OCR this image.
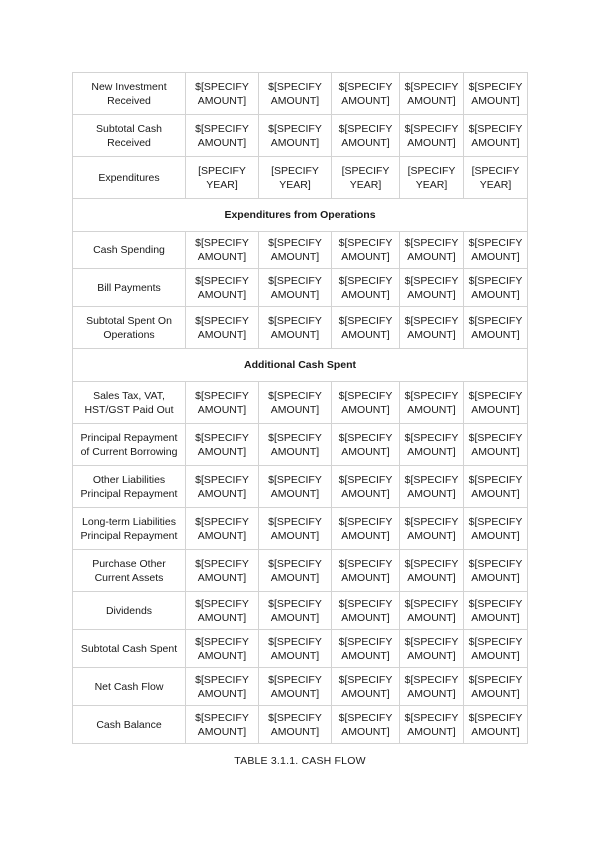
New Investment Received	$[SPECIFY AMOUNT]	$[SPECIFY AMOUNT]	$[SPECIFY AMOUNT]	$[SPECIFY AMOUNT]	$[SPECIFY AMOUNT]
Subtotal Cash Received	$[SPECIFY AMOUNT]	$[SPECIFY AMOUNT]	$[SPECIFY AMOUNT]	$[SPECIFY AMOUNT]	$[SPECIFY AMOUNT]
Expenditures	[SPECIFY YEAR]	[SPECIFY YEAR]	[SPECIFY YEAR]	[SPECIFY YEAR]	[SPECIFY YEAR]
Expenditures from Operations					
Cash Spending	$[SPECIFY AMOUNT]	$[SPECIFY AMOUNT]	$[SPECIFY AMOUNT]	$[SPECIFY AMOUNT]	$[SPECIFY AMOUNT]
Bill Payments	$[SPECIFY AMOUNT]	$[SPECIFY AMOUNT]	$[SPECIFY AMOUNT]	$[SPECIFY AMOUNT]	$[SPECIFY AMOUNT]
Subtotal Spent On Operations	$[SPECIFY AMOUNT]	$[SPECIFY AMOUNT]	$[SPECIFY AMOUNT]	$[SPECIFY AMOUNT]	$[SPECIFY AMOUNT]
Additional Cash Spent					
Sales Tax, VAT, HST/GST Paid Out	$[SPECIFY AMOUNT]	$[SPECIFY AMOUNT]	$[SPECIFY AMOUNT]	$[SPECIFY AMOUNT]	$[SPECIFY AMOUNT]
Principal Repayment of Current Borrowing	$[SPECIFY AMOUNT]	$[SPECIFY AMOUNT]	$[SPECIFY AMOUNT]	$[SPECIFY AMOUNT]	$[SPECIFY AMOUNT]
Other Liabilities Principal Repayment	$[SPECIFY AMOUNT]	$[SPECIFY AMOUNT]	$[SPECIFY AMOUNT]	$[SPECIFY AMOUNT]	$[SPECIFY AMOUNT]
Long-term Liabilities Principal Repayment	$[SPECIFY AMOUNT]	$[SPECIFY AMOUNT]	$[SPECIFY AMOUNT]	$[SPECIFY AMOUNT]	$[SPECIFY AMOUNT]
Purchase Other Current Assets	$[SPECIFY AMOUNT]	$[SPECIFY AMOUNT]	$[SPECIFY AMOUNT]	$[SPECIFY AMOUNT]	$[SPECIFY AMOUNT]
Dividends	$[SPECIFY AMOUNT]	$[SPECIFY AMOUNT]	$[SPECIFY AMOUNT]	$[SPECIFY AMOUNT]	$[SPECIFY AMOUNT]
Subtotal Cash Spent	$[SPECIFY AMOUNT]	$[SPECIFY AMOUNT]	$[SPECIFY AMOUNT]	$[SPECIFY AMOUNT]	$[SPECIFY AMOUNT]
Net Cash Flow	$[SPECIFY AMOUNT]	$[SPECIFY AMOUNT]	$[SPECIFY AMOUNT]	$[SPECIFY AMOUNT]	$[SPECIFY AMOUNT]
Cash Balance	$[SPECIFY AMOUNT]	$[SPECIFY AMOUNT]	$[SPECIFY AMOUNT]	$[SPECIFY AMOUNT]	$[SPECIFY AMOUNT]
TABLE 3.1.1. CASH FLOW
